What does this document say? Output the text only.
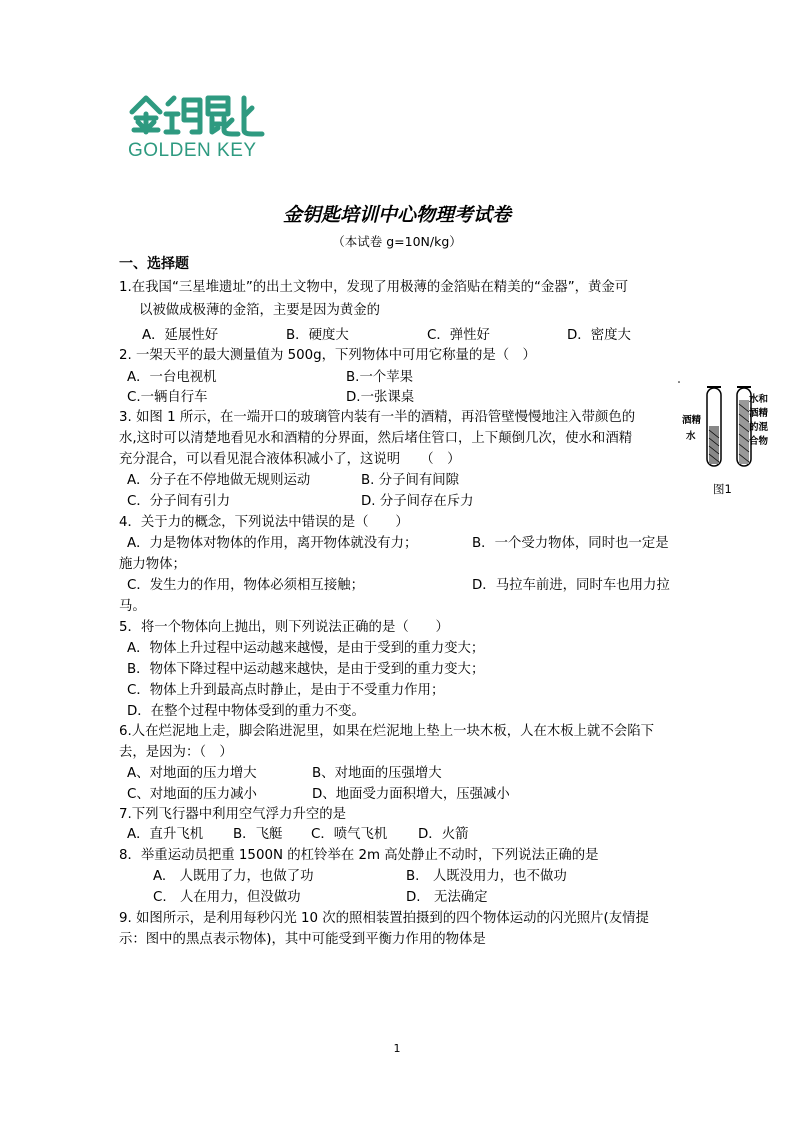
GOLDEN KEY
金钥匙培训中心物理考试卷
（本试卷 g=10N/kg）
一、选择题
1.在我国“三星堆遗址”的出土文物中，发现了用极薄的金箔贴在精美的“金器”，黄金可
以被做成极薄的金箔，主要是因为黄金的
A．延展性好	B．硬度大	C．弹性好	D．密度大
2. 一架天平的最大测量值为 500g，下列物体中可用它称量的是（　）
A．一台电视机	B.一个苹果
C.一辆自行车	D.一张课桌
3. 如图 1 所示，在一端开口的玻璃管内装有一半的酒精，再沿管壁慢慢地注入带颜色的
水,这时可以清楚地看见水和酒精的分界面，然后堵住管口，上下颠倒几次，使水和酒精
充分混合，可以看见混合液体积减小了，这说明　　（　）
A．分子在不停地做无规则运动	B. 分子间有间隙
C．分子间有引力	D. 分子间存在斥力
4．关于力的概念，下列说法中错误的是（　　）
A．力是物体对物体的作用，离开物体就没有力；	B．一个受力物体，同时也一定是
施力物体；
C．发生力的作用，物体必须相互接触；	D．马拉车前进，同时车也用力拉
马。
5．将一个物体向上抛出，则下列说法正确的是（　　）
A．物体上升过程中运动越来越慢，是由于受到的重力变大；
B．物体下降过程中运动越来越快，是由于受到的重力变大；
C．物体上升到最高点时静止，是由于不受重力作用；
D．在整个过程中物体受到的重力不变。
6.人在烂泥地上走，脚会陷进泥里，如果在烂泥地上垫上一块木板，人在木板上就不会陷下
去，是因为：（　）
A、对地面的压力增大	B、对地面的压强增大
C、对地面的压力减小	D、地面受力面积增大，压强减小
7.下列飞行器中利用空气浮力升空的是
A．直升飞机 B．飞艇 C．喷气飞机 D．火箭
8．举重运动员把重 1500N 的杠铃举在 2m 高处静止不动时，下列说法正确的是
A.　人既用了力，也做了功	B.　人既没用力，也不做功
C.　人在用力，但没做功	D.　无法确定
9. 如图所示，是利用每秒闪光 10 次的照相装置拍摄到的四个物体运动的闪光照片(友情提
示：图中的黑点表示物体)，其中可能受到平衡力作用的物体是
酒精
水
水和
酒精
的混
合物
图1
1
